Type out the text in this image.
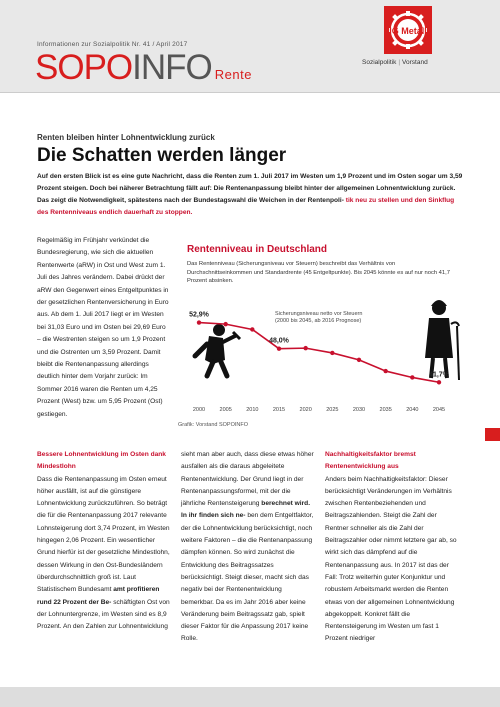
Informationen zur Sozialpolitik Nr. 41 / April 2017
SOPOINFO Rente
IG Metall
Sozialpolitik | Vorstand
Renten bleiben hinter Lohnentwicklung zurück
Die Schatten werden länger
Auf den ersten Blick ist es eine gute Nachricht, dass die Renten zum 1. Juli 2017 im Westen um 1,9 Prozent und im Osten sogar um 3,59 Prozent steigen. Doch bei näherer Betrachtung fällt auf: Die Rentenanpassung bleibt hinter der allgemeinen Lohnentwicklung zurück. Das zeigt die Notwendigkeit, spätestens nach der Bundestagswahl die Weichen in der Rentenpoli- tik neu zu stellen und den Sinkflug des Rentenniveaus endlich dauerhaft zu stoppen.
Regelmäßig im Frühjahr verkündet die Bundesregierung, wie sich die aktuellen Rentenwerte (aRW) in Ost und West zum 1. Juli des Jahres verändern. Dabei drückt der aRW den Gegenwert eines Entgeltpunktes in der gesetzlichen Rentenversicherung in Euro aus. Ab dem 1. Juli 2017 liegt er im Westen bei 31,03 Euro und im Osten bei 29,69 Euro – die Westrenten steigen so um 1,9 Prozent und die Ostrenten um 3,59 Prozent. Damit bleibt die Rentenanpassung allerdings deutlich hinter dem Vorjahr zurück: Im Sommer 2016 waren die Renten um 4,25 Prozent (West) bzw. um 5,95 Prozent (Ost) gestiegen.
Rentenniveau in Deutschland
Das Rentenniveau (Sicherungsniveau vor Steuern) beschreibt das Verhältnis von Durchschnittseinkommen und Standardrente (45 Entgeltpunkte). Bis 2045 könnte es auf nur noch 41,7 Prozent absinken.
2000	2005	2010	2015	2020	2025	2030	2035	2040	2045
52,9%
48,0%
41,7%
Sicherungsniveau netto vor Steuern
(2000 bis 2045, ab 2016 Prognose)
Grafik: Vorstand SOPOINFO
Bessere Lohnentwicklung im Osten dank Mindestlohn
Dass die Rentenanpassung im Osten erneut höher ausfällt, ist auf die günstigere Lohnentwicklung zurückzuführen. So beträgt die für die Rentenanpassung 2017 relevante Lohnsteigerung dort 3,74 Prozent, im Westen hingegen 2,06 Prozent. Ein wesentlicher Grund hierfür ist der gesetzliche Mindestlohn, dessen Wirkung in den Ost-Bundesländern überdurchschnittlich groß ist. Laut Statistischem Bundesamt amt profitieren rund 22 Prozent der Be- schäftigten Ost von der Lohnuntergrenze, im Westen sind es 8,9 Prozent. An den Zahlen zur Lohnentwicklung
sieht man aber auch, dass diese etwas höher ausfallen als die daraus abgeleitete Rentenentwicklung. Der Grund liegt in der Rentenanpassungsformel, mit der die jährliche Rentensteigerung berechnet wird. In ihr finden sich ne- ben dem Entgeltfaktor, der die Lohnentwicklung berücksichtigt, noch weitere Faktoren – die die Rentenanpassung dämpfen können. So wird zunächst die Entwicklung des Beitragssatzes berücksichtigt. Steigt dieser, macht sich das negativ bei der Rentenentwicklung bemerkbar. Da es im Jahr 2016 aber keine Veränderung beim Beitragssatz gab, spielt dieser Faktor für die Anpassung 2017 keine Rolle.
Nachhaltigkeitsfaktor bremst Rentenentwicklung aus
Anders beim Nachhaltigkeitsfaktor: Dieser berücksichtigt Veränderungen im Verhältnis zwischen Rentenbeziehenden und Beitragszahlenden. Steigt die Zahl der Rentner schneller als die Zahl der Beitragszahler oder nimmt letztere gar ab, so wirkt sich das dämpfend auf die Rentenanpassung aus. In 2017 ist das der Fall: Trotz weiterhin guter Konjunktur und robustem Arbeitsmarkt werden die Renten etwas von der allgemeinen Lohnentwicklung abgekoppelt. Konkret fällt die Rentensteigerung im Westen um fast 1 Prozent niedriger
